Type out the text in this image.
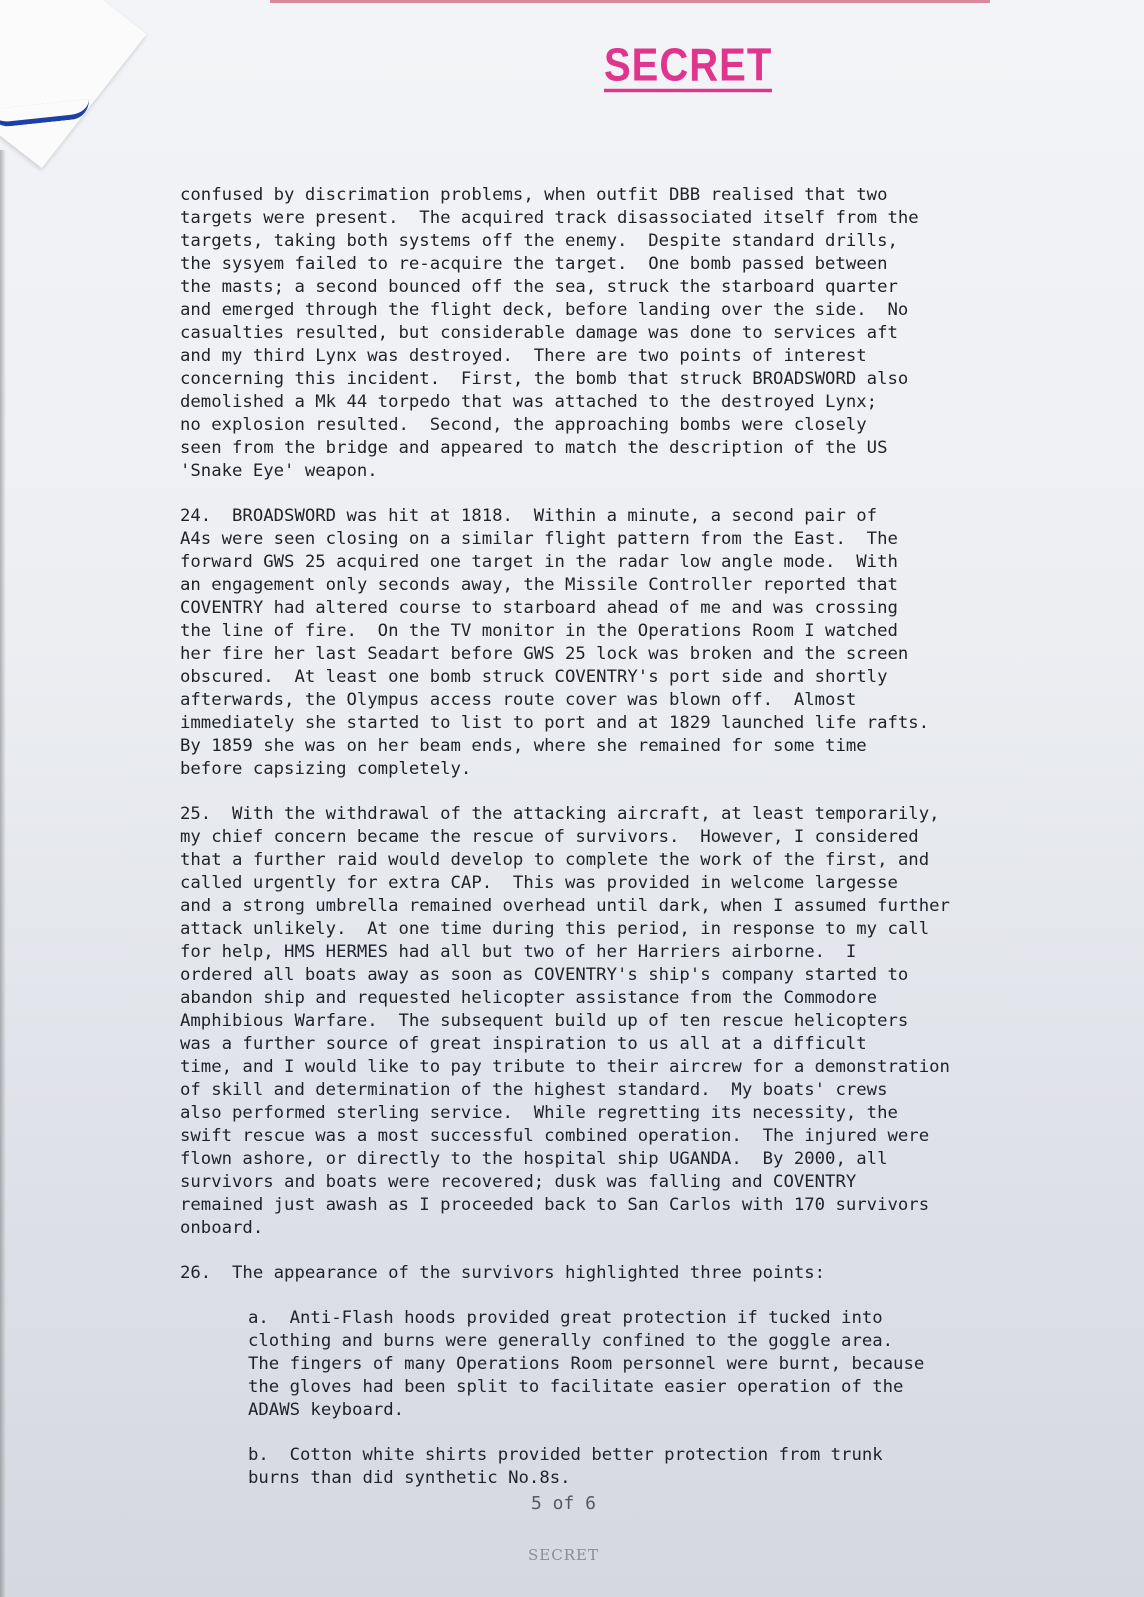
SECRET

confused by discrimation problems, when outfit DBB realised that two

targets were present.  The acquired track disassociated itself from the

targets, taking both systems off the enemy.  Despite standard drills,

the sysyem failed to re-acquire the target.  One bomb passed between

the masts; a second bounced off the sea, struck the starboard quarter

and emerged through the flight deck, before landing over the side.  No

casualties resulted, but considerable damage was done to services aft

and my third Lynx was destroyed.  There are two points of interest

concerning this incident.  First, the bomb that struck BROADSWORD also

demolished a Mk 44 torpedo that was attached to the destroyed Lynx;

no explosion resulted.  Second, the approaching bombs were closely

seen from the bridge and appeared to match the description of the US

'Snake Eye' weapon.

24.  BROADSWORD was hit at 1818.  Within a minute, a second pair of

A4s were seen closing on a similar flight pattern from the East.  The

forward GWS 25 acquired one target in the radar low angle mode.  With

an engagement only seconds away, the Missile Controller reported that

COVENTRY had altered course to starboard ahead of me and was crossing

the line of fire.  On the TV monitor in the Operations Room I watched

her fire her last Seadart before GWS 25 lock was broken and the screen

obscured.  At least one bomb struck COVENTRY's port side and shortly

afterwards, the Olympus access route cover was blown off.  Almost

immediately she started to list to port and at 1829 launched life rafts.

By 1859 she was on her beam ends, where she remained for some time

before capsizing completely.

25.  With the withdrawal of the attacking aircraft, at least temporarily,

my chief concern became the rescue of survivors.  However, I considered

that a further raid would develop to complete the work of the first, and

called urgently for extra CAP.  This was provided in welcome largesse

and a strong umbrella remained overhead until dark, when I assumed further

attack unlikely.  At one time during this period, in response to my call

for help, HMS HERMES had all but two of her Harriers airborne.  I

ordered all boats away as soon as COVENTRY's ship's company started to

abandon ship and requested helicopter assistance from the Commodore

Amphibious Warfare.  The subsequent build up of ten rescue helicopters

was a further source of great inspiration to us all at a difficult

time, and I would like to pay tribute to their aircrew for a demonstration

of skill and determination of the highest standard.  My boats' crews

also performed sterling service.  While regretting its necessity, the

swift rescue was a most successful combined operation.  The injured were

flown ashore, or directly to the hospital ship UGANDA.  By 2000, all

survivors and boats were recovered; dusk was falling and COVENTRY

remained just awash as I proceeded back to San Carlos with 170 survivors

onboard.

26.  The appearance of the survivors highlighted three points:

a.  Anti-Flash hoods provided great protection if tucked into

clothing and burns were generally confined to the goggle area.

The fingers of many Operations Room personnel were burnt, because

the gloves had been split to facilitate easier operation of the

ADAWS keyboard.

b.  Cotton white shirts provided better protection from trunk

burns than did synthetic No.8s.

5 of 6
SECRET
